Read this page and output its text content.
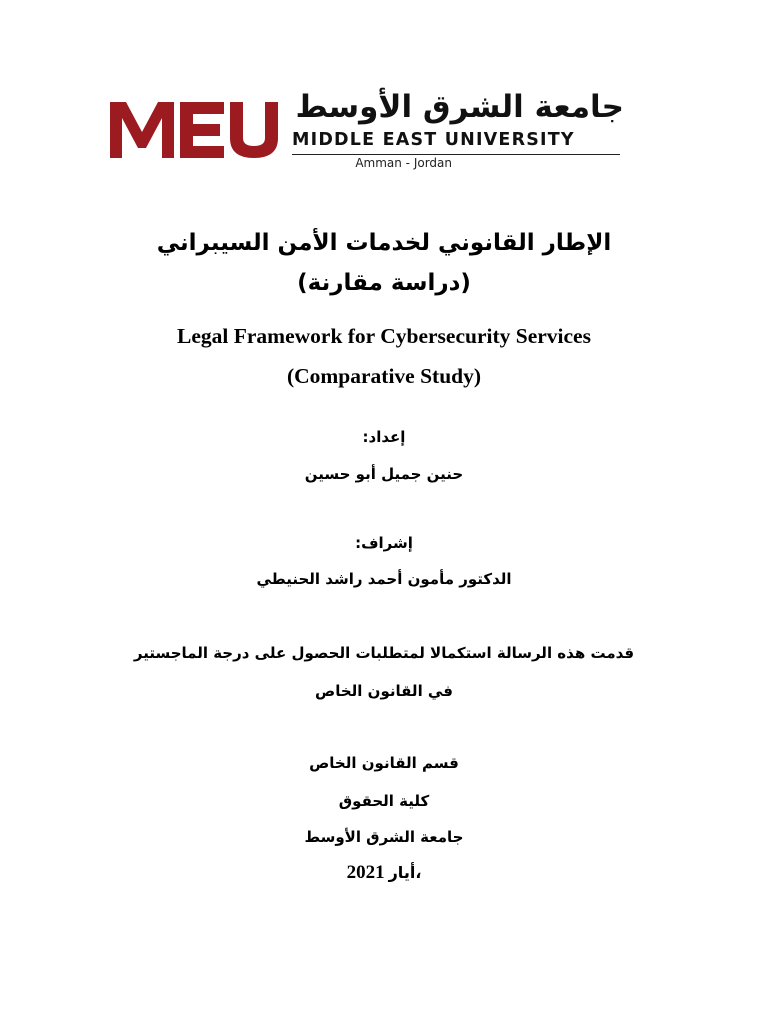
جامعة الشرق الأوسط
MIDDLE EAST UNIVERSITY
Amman - Jordan
الإطار القانوني لخدمات الأمن السيبراني
(دراسة مقارنة)
Legal Framework for Cybersecurity Services
(Comparative Study)
إعداد:
حنين جميل أبو حسين
إشراف:
الدكتور مأمون أحمد راشد الحنيطي
قدمت هذه الرسالة استكمالا لمتطلبات الحصول على درجة الماجستير
في القانون الخاص
قسم القانون الخاص
كلية الحقوق
جامعة الشرق الأوسط
2021 أيار،
